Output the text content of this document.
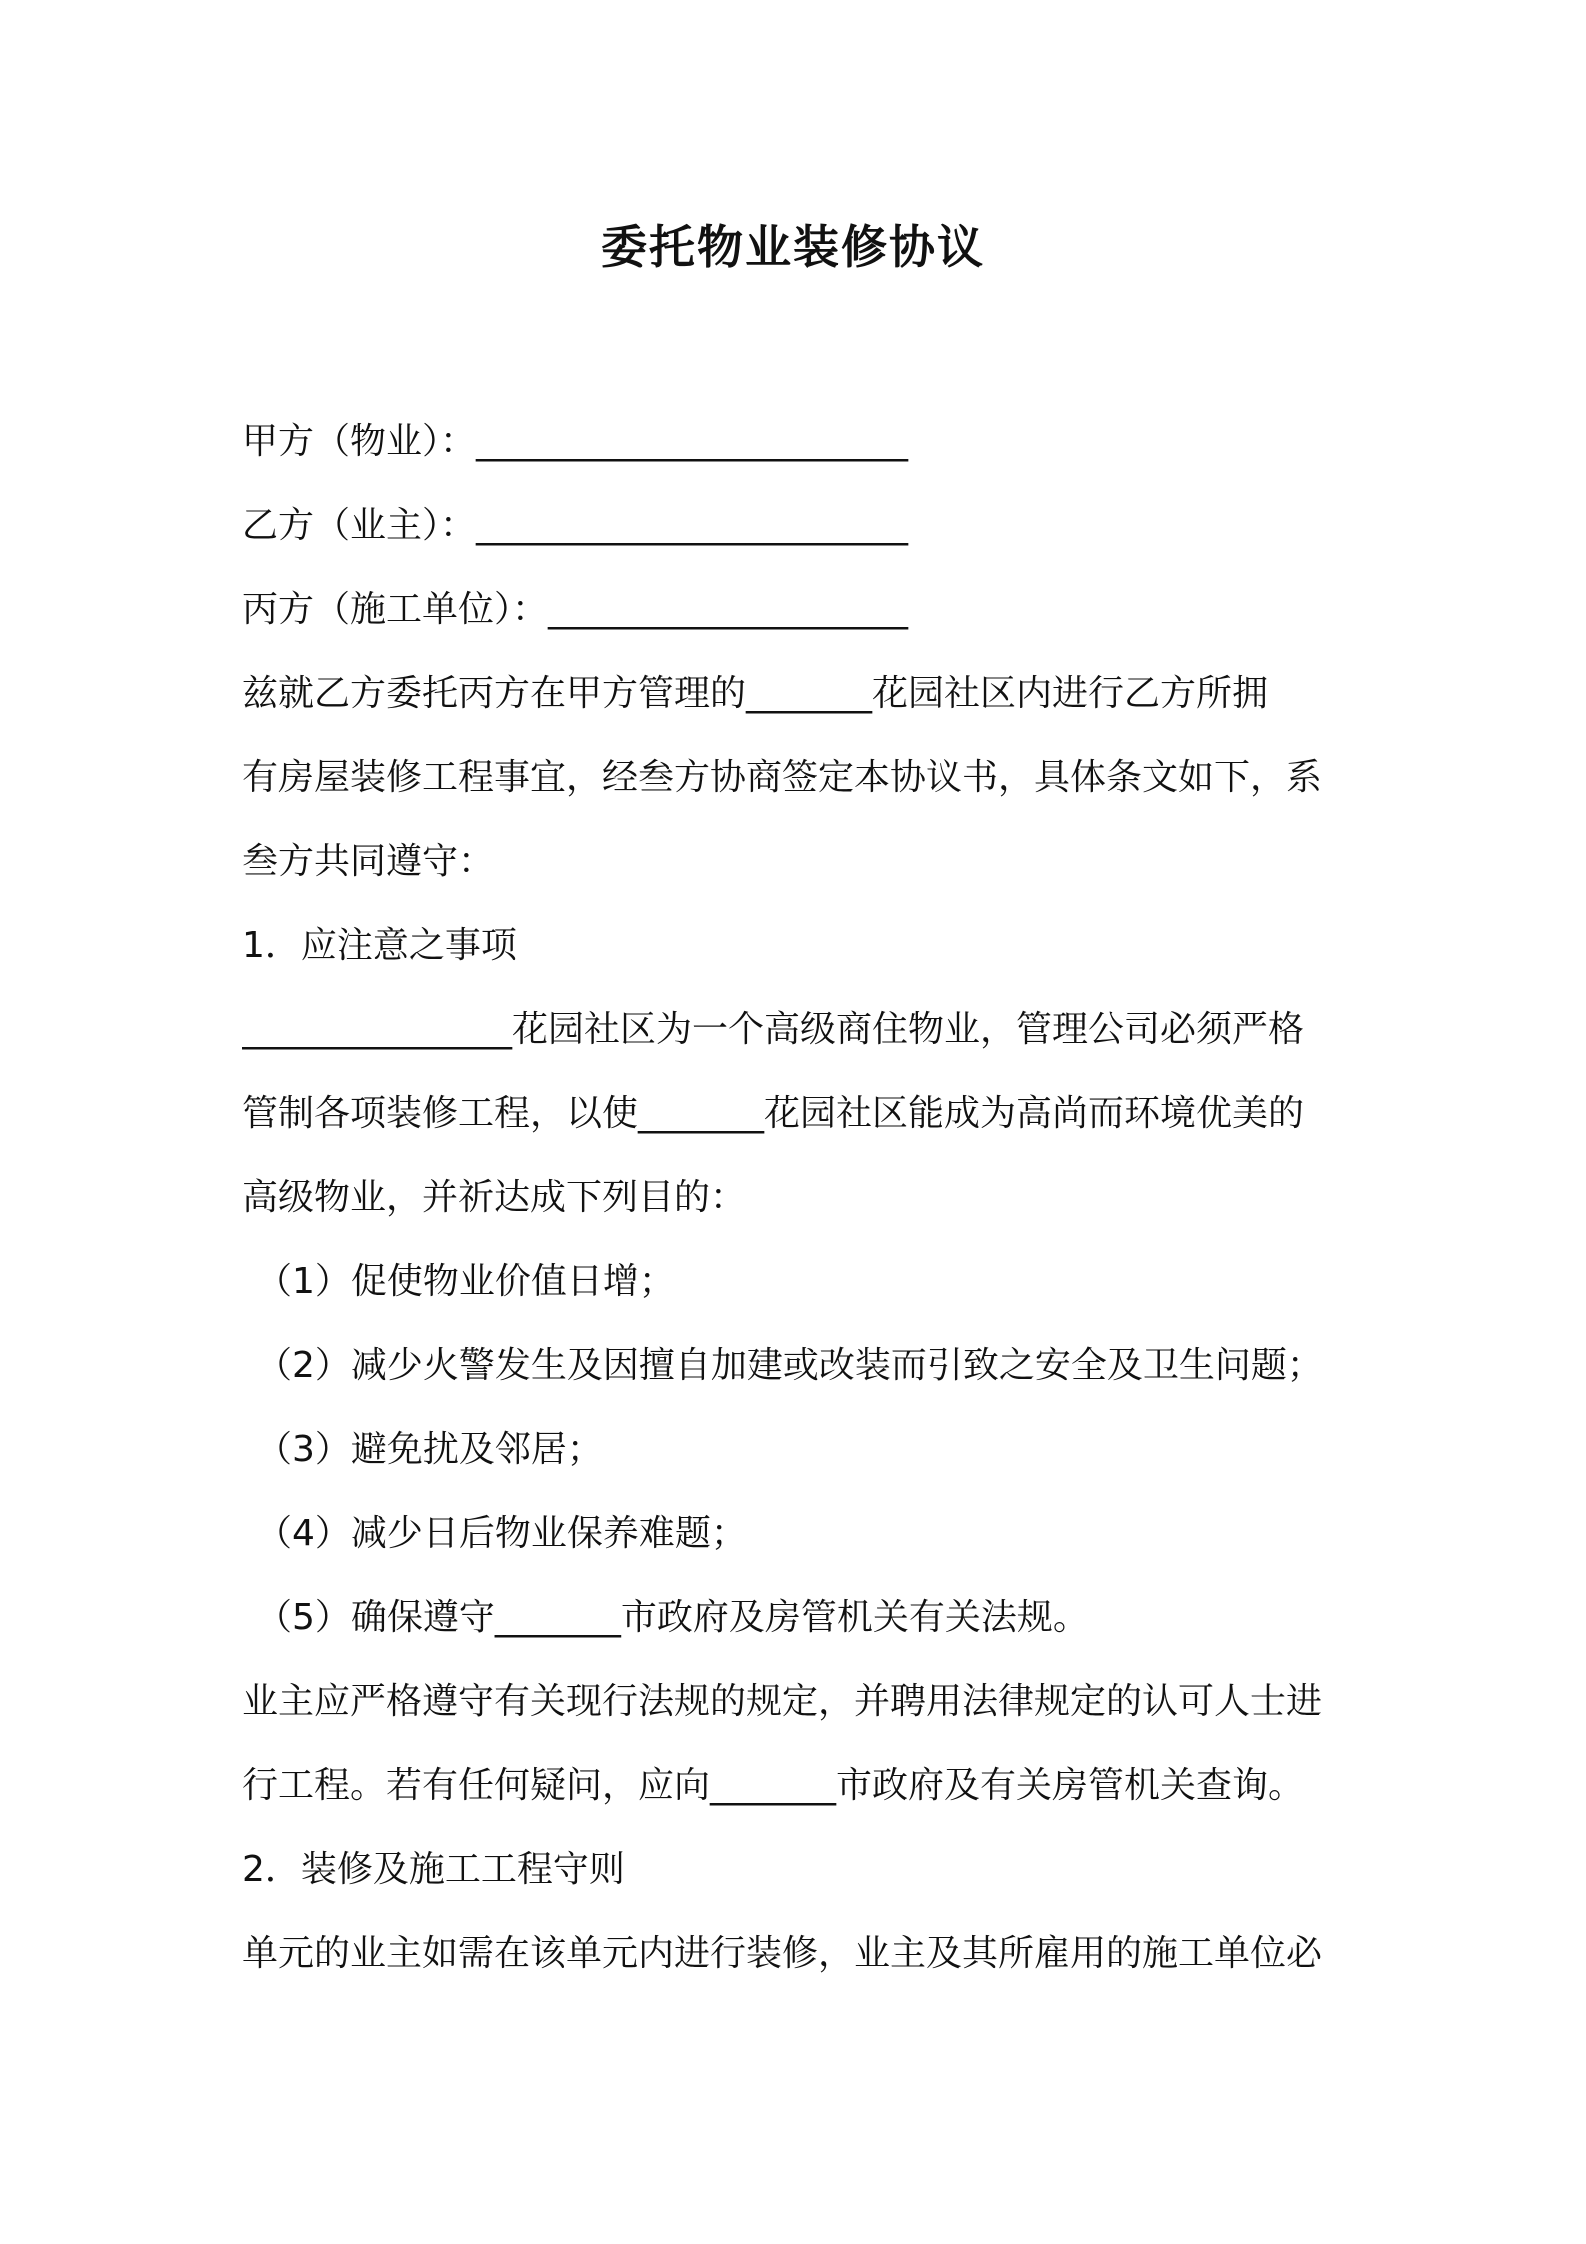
委托物业装修协议
甲方（物业）：________________________
乙方（业主）：________________________
丙方（施工单位）：____________________
兹就乙方委托丙方在甲方管理的_______花园社区内进行乙方所拥
有房屋装修工程事宜，经叁方协商签定本协议书，具体条文如下，系
叁方共同遵守：
1．应注意之事项
_______________花园社区为一个高级商住物业，管理公司必须严格
管制各项装修工程，以使_______花园社区能成为高尚而环境优美的
高级物业，并祈达成下列目的：
（1）促使物业价值日增；
（2）减少火警发生及因擅自加建或改装而引致之安全及卫生问题；
（3）避免扰及邻居；
（4）减少日后物业保养难题；
（5）确保遵守_______市政府及房管机关有关法规。
业主应严格遵守有关现行法规的规定，并聘用法律规定的认可人士进
行工程。若有任何疑问，应向_______市政府及有关房管机关查询。
2．装修及施工工程守则
单元的业主如需在该单元内进行装修，业主及其所雇用的施工单位必
